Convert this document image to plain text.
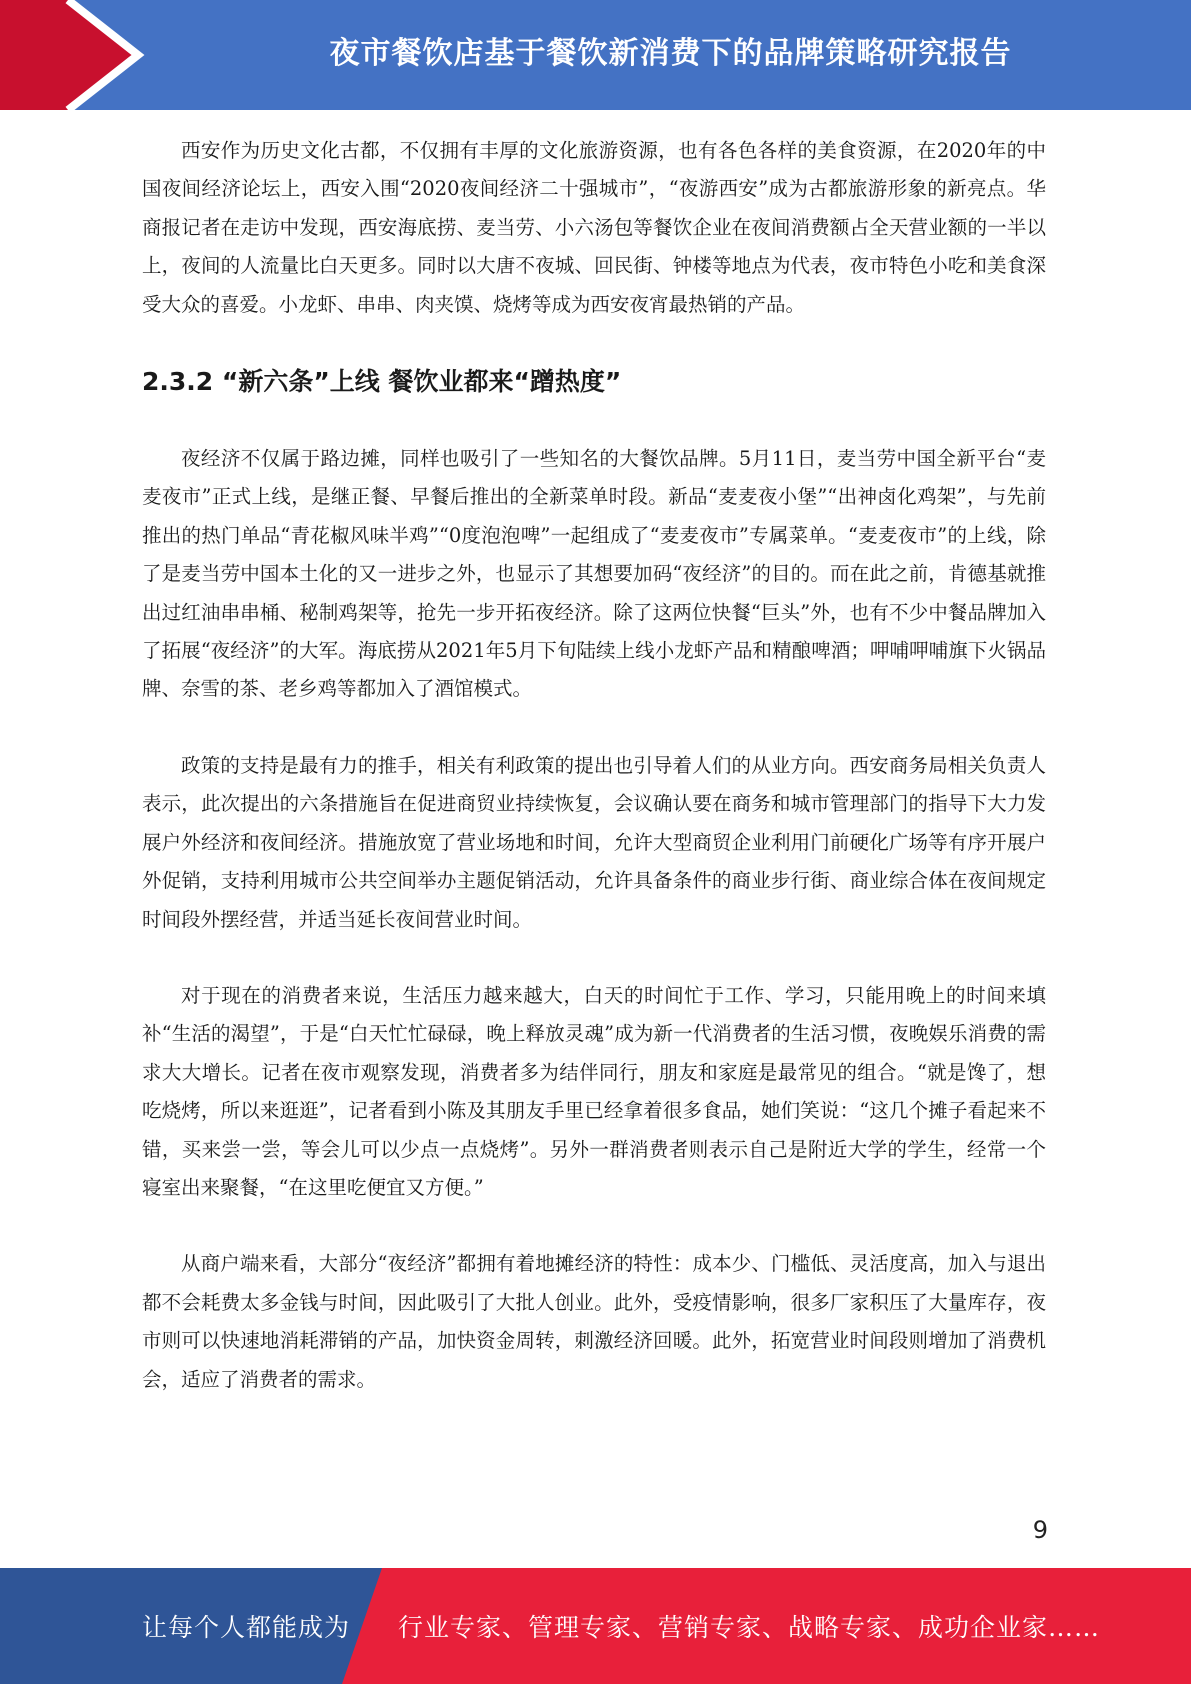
夜市餐饮店基于餐饮新消费下的品牌策略研究报告

西安作为历史文化古都，不仅拥有丰厚的文化旅游资源，也有各色各样的美食资源，在2020年的中国夜间经济论坛上，西安入围“2020夜间经济二十强城市”，“夜游西安”成为古都旅游形象的新亮点。华商报记者在走访中发现，西安海底捞、麦当劳、小六汤包等餐饮企业在夜间消费额占全天营业额的一半以上，夜间的人流量比白天更多。同时以大唐不夜城、回民街、钟楼等地点为代表，夜市特色小吃和美食深受大众的喜爱。小龙虾、串串、肉夹馍、烧烤等成为西安夜宵最热销的产品。

2.3.2 “新六条”上线 餐饮业都来“蹭热度”

夜经济不仅属于路边摊，同样也吸引了一些知名的大餐饮品牌。5月11日，麦当劳中国全新平台“麦麦夜市”正式上线，是继正餐、早餐后推出的全新菜单时段。新品“麦麦夜小堡”“出神卤化鸡架”，与先前推出的热门单品“青花椒风味半鸡”“0度泡泡啤”一起组成了“麦麦夜市”专属菜单。“麦麦夜市”的上线，除了是麦当劳中国本土化的又一进步之外，也显示了其想要加码“夜经济”的目的。而在此之前，肯德基就推出过红油串串桶、秘制鸡架等，抢先一步开拓夜经济。除了这两位快餐“巨头”外，也有不少中餐品牌加入了拓展“夜经济”的大军。海底捞从2021年5月下旬陆续上线小龙虾产品和精酿啤酒；呷哺呷哺旗下火锅品牌、奈雪的茶、老乡鸡等都加入了酒馆模式。

政策的支持是最有力的推手，相关有利政策的提出也引导着人们的从业方向。西安商务局相关负责人表示，此次提出的六条措施旨在促进商贸业持续恢复，会议确认要在商务和城市管理部门的指导下大力发展户外经济和夜间经济。措施放宽了营业场地和时间，允许大型商贸企业利用门前硬化广场等有序开展户外促销，支持利用城市公共空间举办主题促销活动，允许具备条件的商业步行街、商业综合体在夜间规定时间段外摆经营，并适当延长夜间营业时间。

对于现在的消费者来说，生活压力越来越大，白天的时间忙于工作、学习，只能用晚上的时间来填补“生活的渴望”，于是“白天忙忙碌碌，晚上释放灵魂”成为新一代消费者的生活习惯，夜晚娱乐消费的需求大大增长。记者在夜市观察发现，消费者多为结伴同行，朋友和家庭是最常见的组合。“就是馋了，想吃烧烤，所以来逛逛”，记者看到小陈及其朋友手里已经拿着很多食品，她们笑说：“这几个摊子看起来不错，买来尝一尝，等会儿可以少点一点烧烤”。另外一群消费者则表示自己是附近大学的学生，经常一个寝室出来聚餐，“在这里吃便宜又方便。”

从商户端来看，大部分“夜经济”都拥有着地摊经济的特性：成本少、门槛低、灵活度高，加入与退出都不会耗费太多金钱与时间，因此吸引了大批人创业。此外，受疫情影响，很多厂家积压了大量库存，夜市则可以快速地消耗滞销的产品，加快资金周转，刺激经济回暖。此外，拓宽营业时间段则增加了消费机会，适应了消费者的需求。

9
让每个人都能成为 行业专家、管理专家、营销专家、战略专家、成功企业家……
